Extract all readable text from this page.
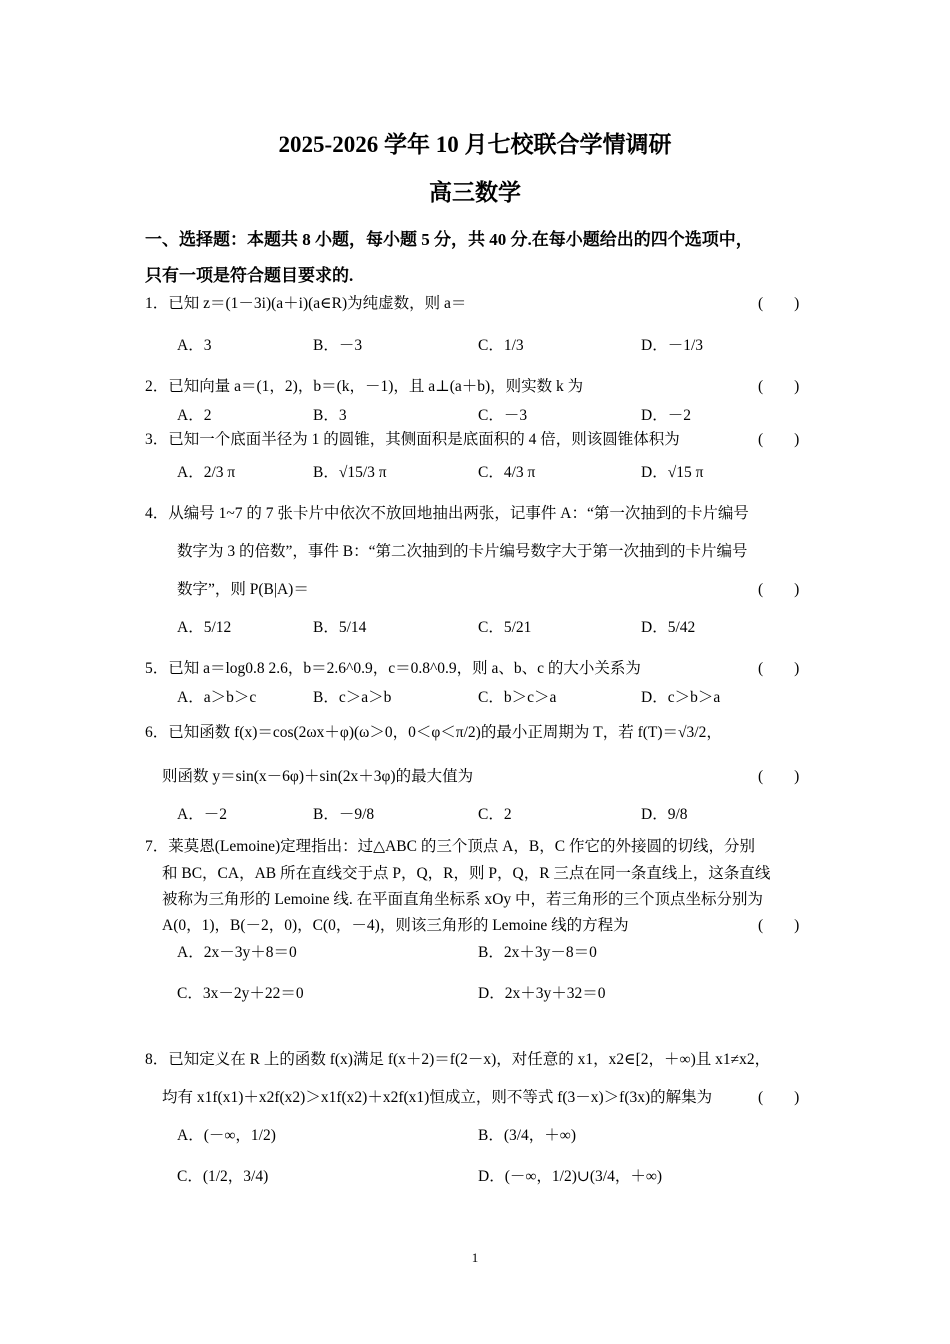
2025-2026 学年 10 月七校联合学情调研
高三数学
一、选择题：本题共 8 小题，每小题 5 分，共 40 分.在每小题给出的四个选项中，
只有一项是符合题目要求的.
1．已知 z＝(1－3i)(a＋i)(a∈R)为纯虚数，则 a＝	(　　)
A．3	B．－3	C．1/3	D．－1/3
2．已知向量 a＝(1，2)，b＝(k，－1)，且 a⊥(a＋b)，则实数 k 为	(　　)
A．2	B．3	C．－3	D．－2
3．已知一个底面半径为 1 的圆锥，其侧面积是底面积的 4 倍，则该圆锥体积为	(　　)
A．2/3 π	B．√15/3 π	C．4/3 π	D．√15 π
4．从编号 1~7 的 7 张卡片中依次不放回地抽出两张，记事件 A：“第一次抽到的卡片编号
数字为 3 的倍数”，事件 B：“第二次抽到的卡片编号数字大于第一次抽到的卡片编号
数字”，则 P(B|A)＝	(　　)
A．5/12	B．5/14	C．5/21	D．5/42
5．已知 a＝log0.8 2.6，b＝2.6^0.9，c＝0.8^0.9，则 a、b、c 的大小关系为	(　　)
A．a＞b＞c	B．c＞a＞b	C．b＞c＞a	D．c＞b＞a
6．已知函数 f(x)＝cos(2ωx＋φ)(ω＞0，0＜φ＜π/2)的最小正周期为 T，若 f(T)＝√3/2，
则函数 y＝sin(x－6φ)＋sin(2x＋3φ)的最大值为	(　　)
A．－2	B．－9/8	C．2	D．9/8
7．莱莫恩(Lemoine)定理指出：过△ABC 的三个顶点 A，B，C 作它的外接圆的切线，分别
和 BC，CA，AB 所在直线交于点 P，Q，R，则 P，Q，R 三点在同一条直线上，这条直线
被称为三角形的 Lemoine 线. 在平面直角坐标系 xOy 中，若三角形的三个顶点坐标分别为
A(0，1)，B(－2，0)，C(0，－4)，则该三角形的 Lemoine 线的方程为	(　　)
A．2x－3y＋8＝0	B．2x＋3y－8＝0
C．3x－2y＋22＝0	D．2x＋3y＋32＝0
8．已知定义在 R 上的函数 f(x)满足 f(x＋2)＝f(2－x)，对任意的 x1，x2∈[2，＋∞)且 x1≠x2，
均有 x1f(x1)＋x2f(x2)＞x1f(x2)＋x2f(x1)恒成立，则不等式 f(3－x)＞f(3x)的解集为	(　　)
A．(－∞，1/2)	B．(3/4，＋∞)
C．(1/2，3/4)	D．(－∞，1/2)∪(3/4，＋∞)
1
